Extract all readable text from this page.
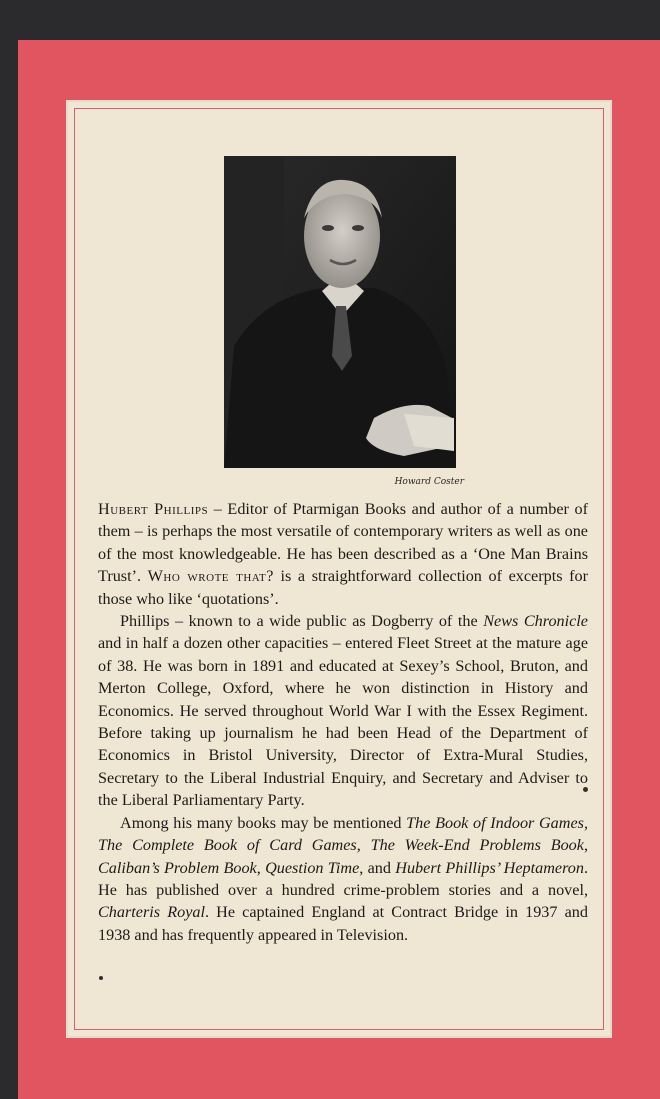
Howard Coster

Hubert Phillips – Editor of Ptarmigan Books and author of a number of them – is perhaps the most versatile of contemporary writers as well as one of the most knowledgeable. He has been described as a ‘One Man Brains Trust’. Who wrote that? is a straightforward collection of excerpts for those who like ‘quotations’.

Phillips – known to a wide public as Dogberry of the News Chronicle and in half a dozen other capacities – entered Fleet Street at the mature age of 38. He was born in 1891 and educated at Sexey’s School, Bruton, and Merton College, Oxford, where he won distinction in History and Economics. He served throughout World War I with the Essex Regiment. Before taking up journalism he had been Head of the Department of Economics in Bristol University, Director of Extra-Mural Studies, Secretary to the Liberal Industrial Enquiry, and Secretary and Adviser to the Liberal Parliamentary Party.

Among his many books may be mentioned The Book of Indoor Games, The Complete Book of Card Games, The Week-End Problems Book, Caliban’s Problem Book, Question Time, and Hubert Phillips’ Heptameron. He has published over a hundred crime-problem stories and a novel, Charteris Royal. He captained England at Contract Bridge in 1937 and 1938 and has frequently appeared in Television.
